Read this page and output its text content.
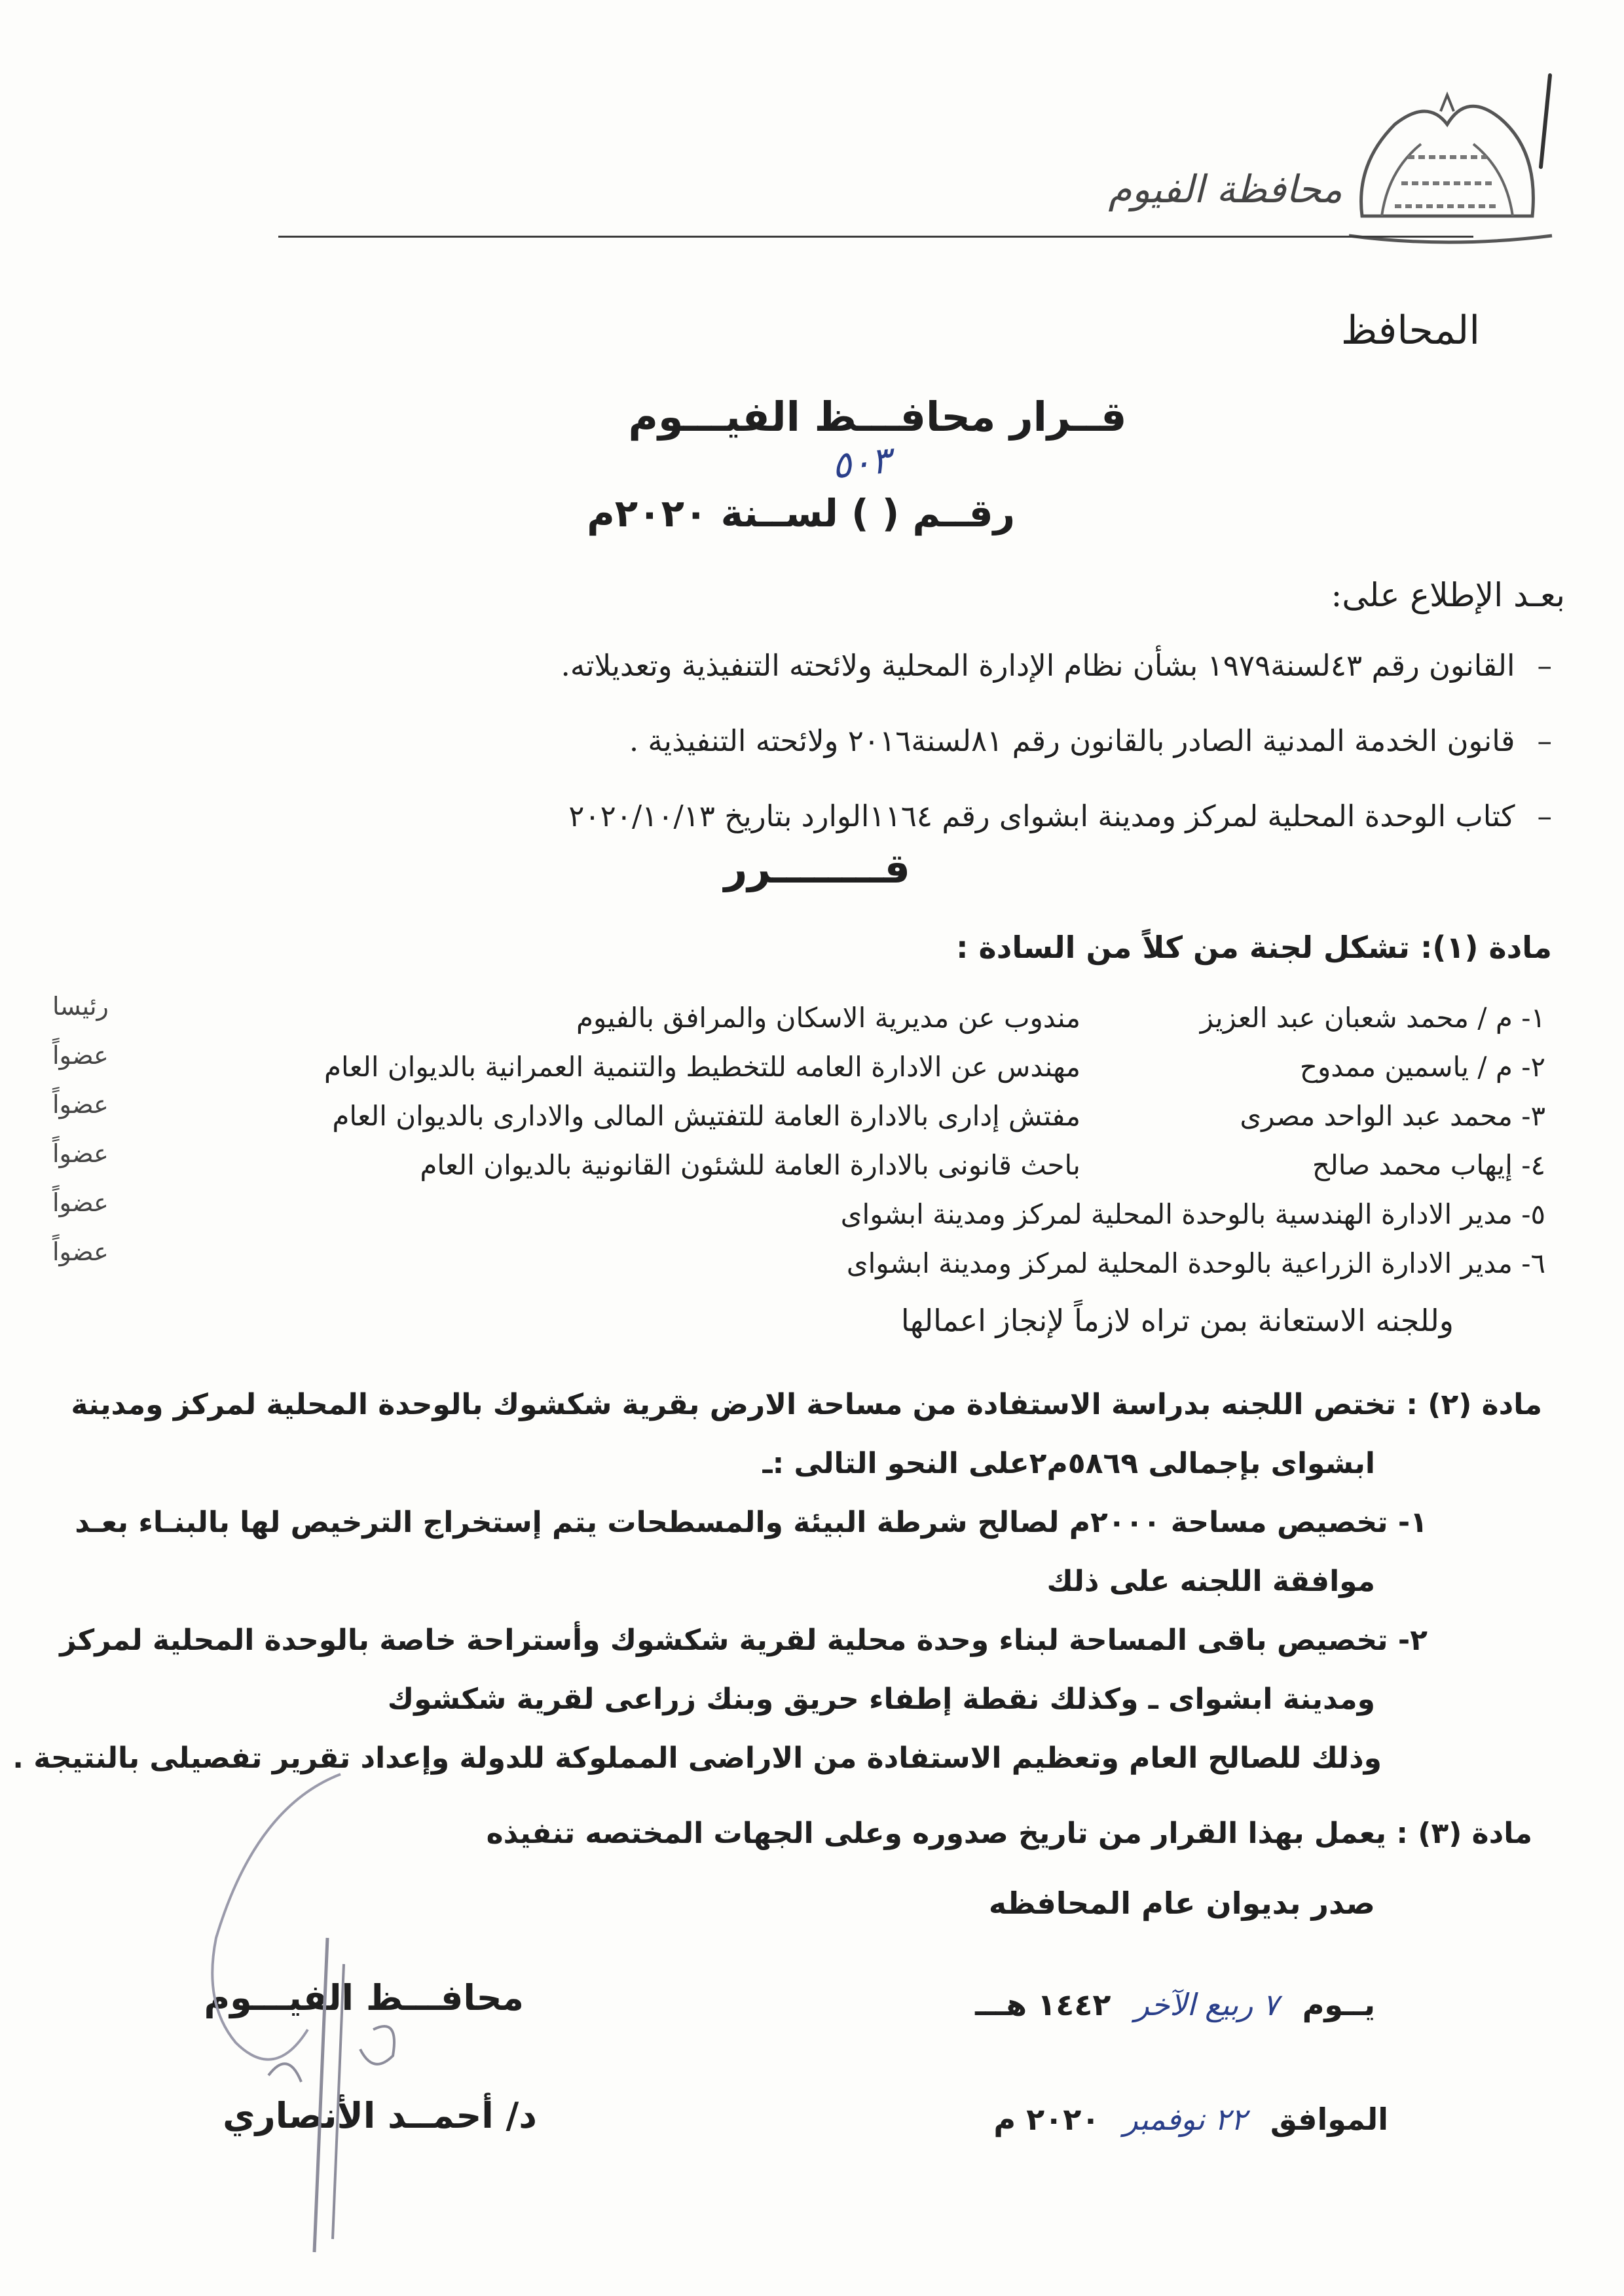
محافظة الفيوم
المحافظ
قــرار محافـــظ الفيـــوم
رقــم ( ) لســنة ٢٠٢٠م
٥٠٣
بعـد الإطلاع على:
–القانون رقم ٤٣لسنة١٩٧٩ بشأن نظام الإدارة المحلية ولائحته التنفيذية وتعديلاته.
–قانون الخدمة المدنية الصادر بالقانون رقم ٨١لسنة٢٠١٦ ولائحته التنفيذية .
–كتاب الوحدة المحلية لمركز ومدينة ابشواى رقم ١١٦٤الوارد بتاريخ ٢٠٢٠/١٠/١٣
قــــــــرر
مادة (١): تشكل لجنة من كلاً من السادة :
١- م / محمد شعبان عبد العزيز
مندوب عن مديرية الاسكان والمرافق بالفيوم
رئيسا
٢- م / ياسمين ممدوح
مهندس عن الادارة العامه للتخطيط والتنمية العمرانية بالديوان العام
عضواً
٣- محمد عبد الواحد مصرى
مفتش إدارى بالادارة العامة للتفتيش المالى والادارى بالديوان العام
عضواً
٤- إيهاب محمد صالح
باحث قانونى بالادارة العامة للشئون القانونية بالديوان العام
عضواً
٥- مدير الادارة الهندسية بالوحدة المحلية لمركز ومدينة ابشواى
عضواً
٦- مدير الادارة الزراعية بالوحدة المحلية لمركز ومدينة ابشواى
عضواً
وللجنه الاستعانة بمن تراه لازماً لإنجاز اعمالها
مادة (٢) : تختص اللجنه بدراسة الاستفادة من مساحة الارض بقرية شكشوك بالوحدة المحلية لمركز ومدينة
ابشواى بإجمالى ٥٨٦٩م٢على النحو التالى :ـ
١- تخصيص مساحة ٢٠٠٠م لصالح شرطة البيئة والمسطحات يتم إستخراج الترخيص لها بالبنـاء بعـد
موافقة اللجنه على ذلك
٢- تخصيص باقى المساحة لبناء وحدة محلية لقرية شكشوك وأستراحة خاصة بالوحدة المحلية لمركز
ومدينة ابشواى ـ وكذلك نقطة إطفاء حريق وبنك زراعى لقرية شكشوك
وذلك للصالح العام وتعظيم الاستفادة من الاراضى المملوكة للدولة وإعداد تقرير تفصيلى بالنتيجة .
مادة (٣) : يعمل بهذا القرار من تاريخ صدوره وعلى الجهات المختصه تنفيذه
صدر بديوان عام المحافظه
يــوم ٧ ربيع الآخر ١٤٤٢ هـــ
الموافق ٢٢ نوفمبر ٢٠٢٠ م
محافـــظ الفيـــوم
د/ أحمــد الأنصاري
